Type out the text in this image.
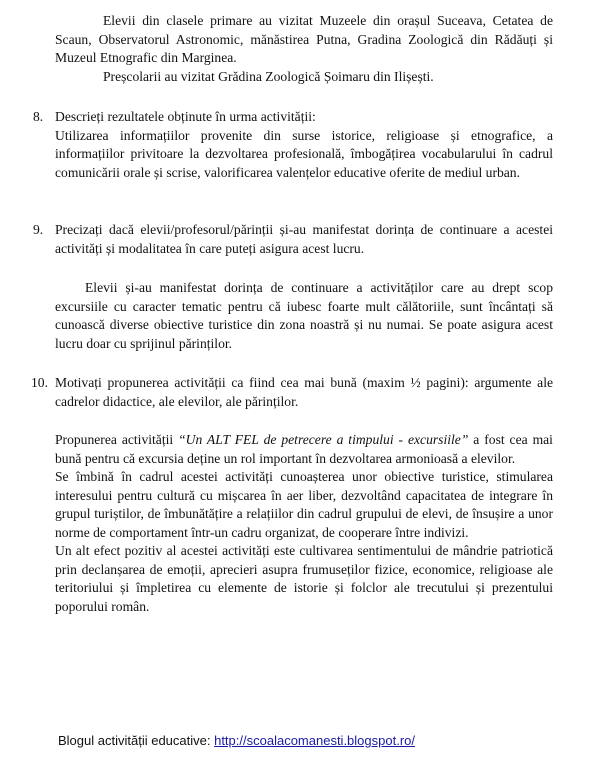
Elevii din clasele primare au vizitat Muzeele din orașul Suceava, Cetatea de Scaun, Observatorul Astronomic, mănăstirea Putna, Gradina Zoologică din Rădăuți și Muzeul Etnografic din Marginea.

Preșcolarii au vizitat Grădina Zoologică Șoimaru din Ilișești.

8. Descrieți rezultatele obținute în urma activității:

Utilizarea informațiilor provenite din surse istorice, religioase și etnografice, a informațiilor privitoare la dezvoltarea profesională, îmbogățirea vocabularului în cadrul comunicării orale și scrise, valorificarea valențelor educative oferite de mediul urban.

9. Precizați dacă elevii/profesorul/părinții și-au manifestat dorința de continuare a acestei activități și modalitatea în care puteți asigura acest lucru.

Elevii și-au manifestat dorința de continuare a activităților care au drept scop excursiile cu caracter tematic pentru că iubesc foarte mult călătoriile, sunt încântați să cunoască diverse obiective turistice din zona noastră și nu numai. Se poate asigura acest lucru doar cu sprijinul părinților.

10. Motivați propunerea activității ca fiind cea mai bună (maxim ½ pagini): argumente ale cadrelor didactice, ale elevilor, ale părinților.

Propunerea activității “Un ALT FEL de petrecere a timpului - excursiile” a fost cea mai bună pentru că excursia deține un rol important în dezvoltarea armonioasă a elevilor.

Se îmbină în cadrul acestei activități cunoașterea unor obiective turistice, stimularea interesului pentru cultură cu mișcarea în aer liber, dezvoltând capacitatea de integrare în grupul turiștilor, de îmbunătățire a relațiilor din cadrul grupului de elevi, de însușire a unor norme de comportament într-un cadru organizat, de cooperare între indivizi.

Un alt efect pozitiv al acestei activități este cultivarea sentimentului de mândrie patriotică prin declanșarea de emoții, aprecieri asupra frumuseților fizice, economice, religioase ale teritoriului și împletirea cu elemente de istorie și folclor ale trecutului și prezentului poporului român.

Blogul activității educative: http://scoalacomanesti.blogspot.ro/
